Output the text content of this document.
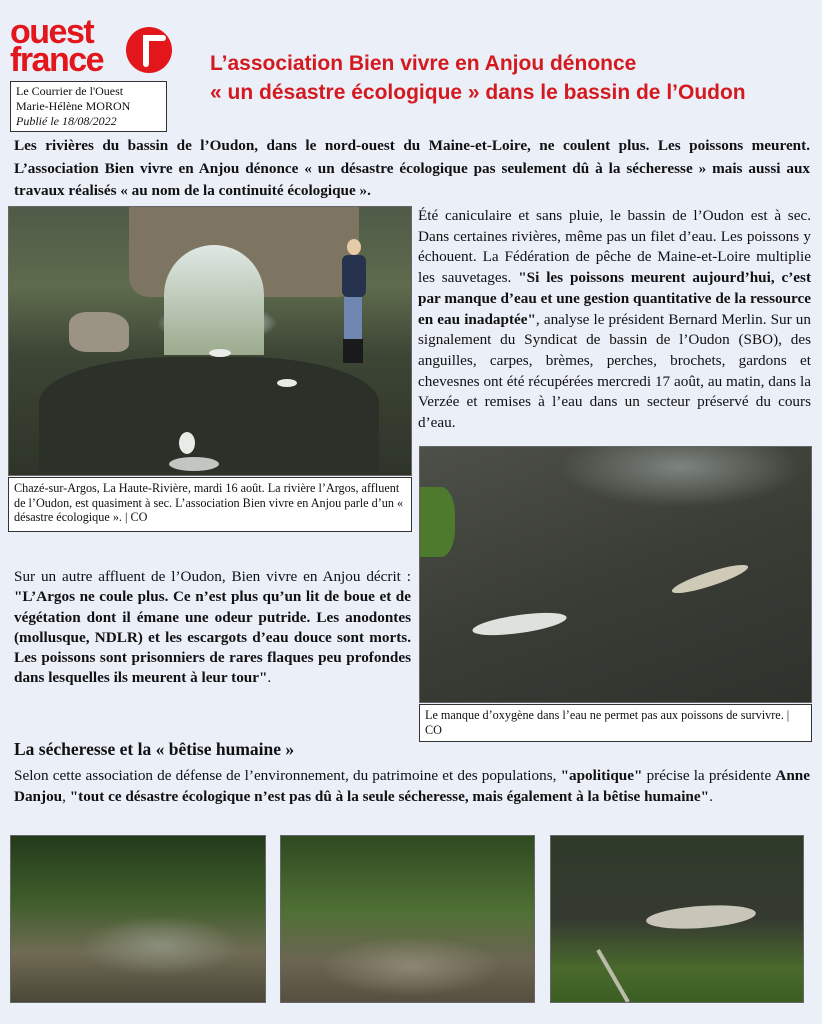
ouest
france
Le Courrier de l'Ouest
Marie-Hélène MORON
Publié le 18/08/2022
L’association Bien vivre en Anjou dénonce
« un désastre écologique » dans le bassin de l’Oudon

Les rivières du bassin de l’Oudon, dans le nord-ouest du Maine-et-Loire, ne coulent plus. Les poissons meurent. L’association Bien vivre en Anjou dénonce « un désastre écologique pas seulement dû à la sécheresse » mais aussi aux travaux réalisés « au nom de la continuité écologique ».

Chazé-sur-Argos, La Haute-Rivière, mardi 16 août. La rivière l’Argos, affluent de l’Oudon, est quasiment à sec. L’association Bien vivre en Anjou parle d’un « désastre écologique ». | CO

Été caniculaire et sans pluie, le bassin de l’Oudon est à sec. Dans certaines rivières, même pas un filet d’eau. Les poissons y échouent. La Fédération de pêche de Maine-et-Loire multiplie les sauvetages. "Si les poissons meurent aujourd’hui, c’est par manque d’eau et une gestion quantitative de la ressource en eau inadaptée", analyse le président Bernard Merlin. Sur un signalement du Syndicat de bassin de l’Oudon (SBO), des anguilles, carpes, brèmes, perches, brochets, gardons et chevesnes ont été récupérées mercredi 17 août, au matin, dans la Verzée et remises à l’eau dans un secteur préservé du cours d’eau.

Le manque d’oxygène dans l’eau ne permet pas aux poissons de survivre. | CO

Sur un autre affluent de l’Oudon, Bien vivre en Anjou décrit : "L’Argos ne coule plus. Ce n’est plus qu’un lit de boue et de végétation dont il émane une odeur putride. Les anodontes (mollusque, NDLR) et les escargots d’eau douce sont morts. Les poissons sont prisonniers de rares flaques peu profondes dans lesquelles ils meurent à leur tour".

La sécheresse et la « bêtise humaine »

Selon cette association de défense de l’environnement, du patrimoine et des populations, "apolitique" précise la présidente Anne Danjou, "tout ce désastre écologique n’est pas dû à la seule sécheresse, mais également à la bêtise humaine".
